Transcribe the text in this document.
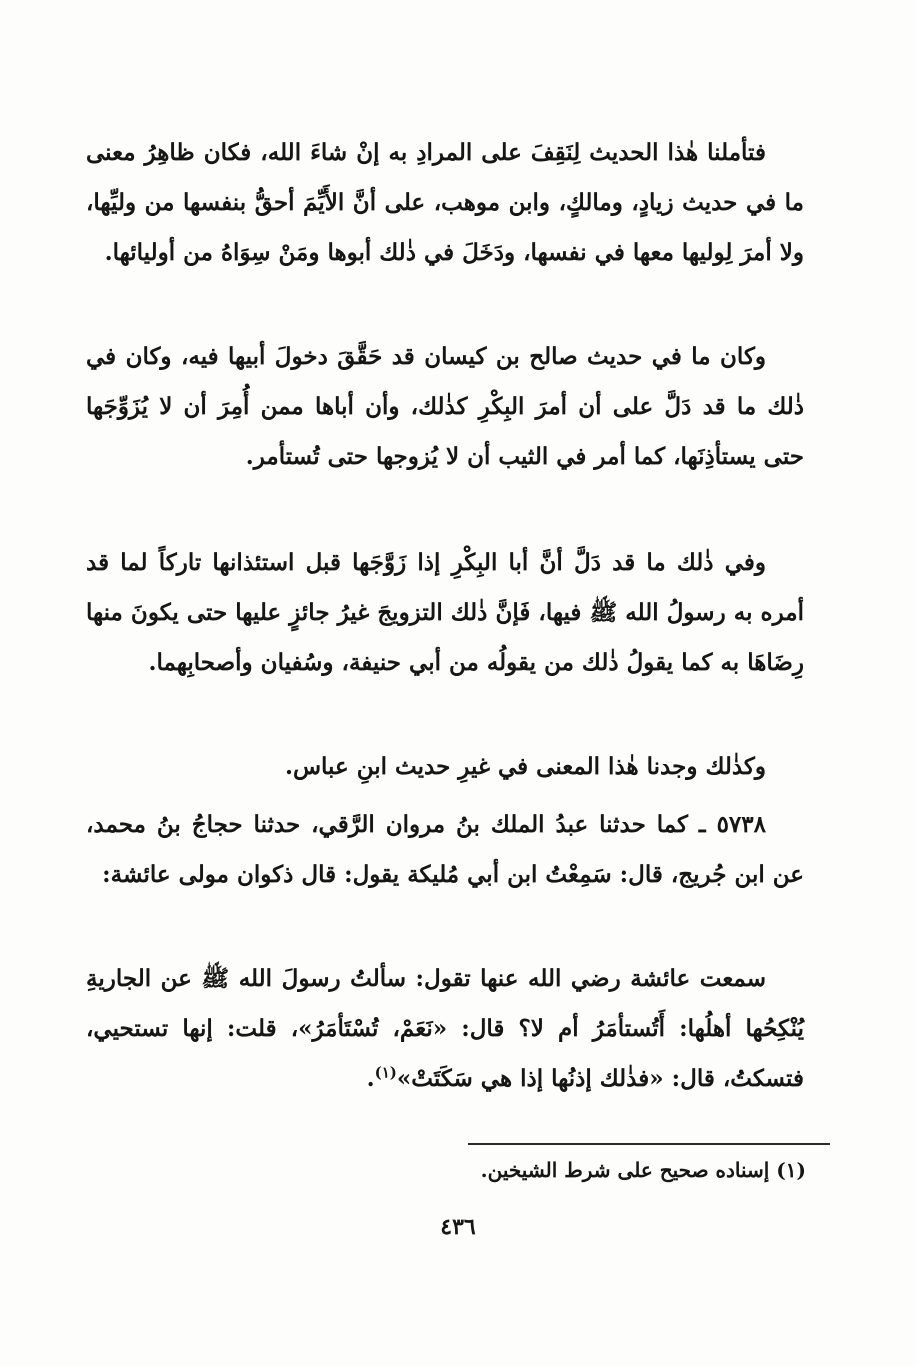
فتأملنا هٰذا الحديث لِنَقِفَ على المرادِ به إنْ شاءَ الله، فكان ظاهِرُ معنى ما في حديث زيادٍ، ومالكٍ، وابن موهب، على أنَّ الأَيِّمَ أحقُّ بنفسها من وليِّها، ولا أمرَ لِوليها معها في نفسها، ودَخَلَ في ذٰلك أبوها ومَنْ سِوَاهُ من أوليائها.

وكان ما في حديث صالح بن كيسان قد حَقَّقَ دخولَ أبيها فيه، وكان في ذٰلك ما قد دَلَّ على أن أمرَ البِكْرِ كذٰلك، وأن أباها ممن أُمِرَ أن لا يُزَوِّجَها حتى يستأذِنَها، كما أمر في الثيب أن لا يُزوجها حتى تُستأمر.

وفي ذٰلك ما قد دَلَّ أنَّ أبا البِكْرِ إذا زَوَّجَها قبل استئذانها تاركاً لما قد أمره به رسولُ الله ﷺ فيها، فَإنَّ ذٰلك التزويجَ غيرُ جائزٍ عليها حتى يكونَ منها رِضَاهَا به كما يقولُ ذٰلك من يقولُه من أبي حنيفة، وسُفيان وأصحابِهما.

وكذٰلك وجدنا هٰذا المعنى في غيرِ حديث ابنِ عباس.

٥٧٣٨ ـ كما حدثنا عبدُ الملك بنُ مروان الرَّقي، حدثنا حجاجُ بنُ محمد، عن ابن جُريج، قال: سَمِعْتُ ابن أبي مُليكة يقول: قال ذكوان مولى عائشة:

سمعت عائشة رضي الله عنها تقول: سألتُ رسولَ الله ﷺ عن الجاريةِ يُنْكِحُها أهلُها: أَتُستأمَرُ أم لا؟ قال: «نَعَمْ، تُسْتَأمَرُ»، قلت: إنها تستحيي، فتسكتُ، قال: «فذٰلك إذنُها إذا هي سَكَتَتْ»$^{(١)}$.

(١) إسناده صحيح على شرط الشيخين.
٤٣٦
